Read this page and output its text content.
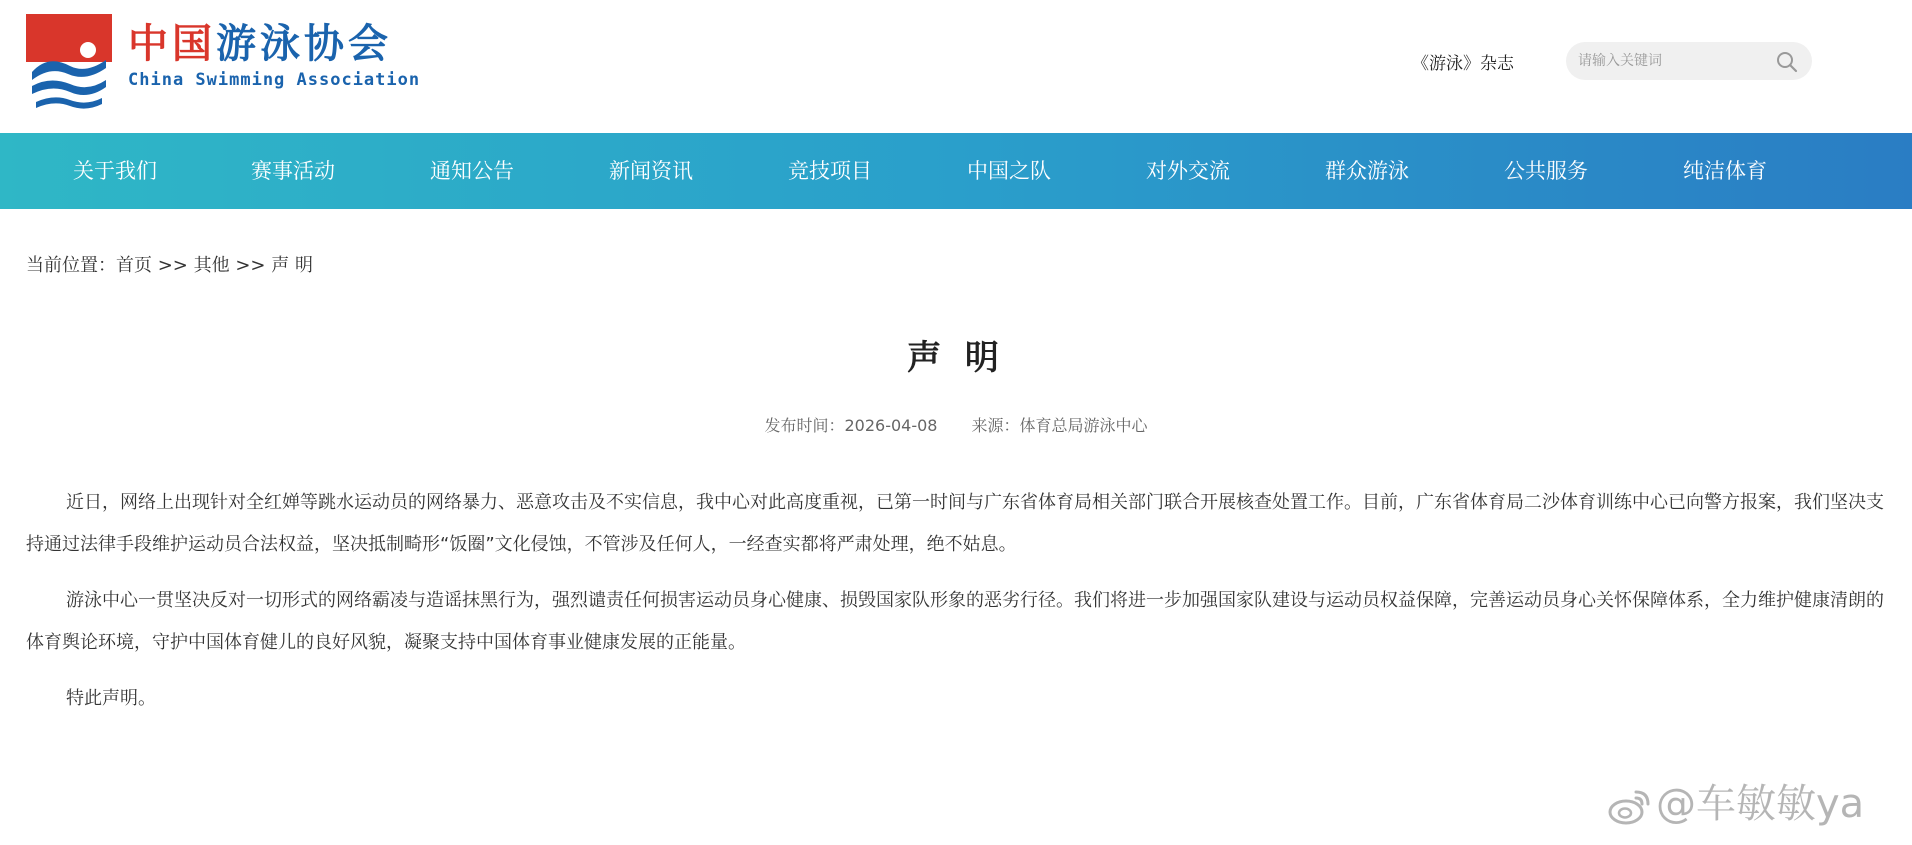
中国游泳协会
China Swimming Association
《游泳》杂志
请输入关键词
关于我们	赛事活动	通知公告	新闻资讯	竞技项目	中国之队	对外交流	群众游泳	公共服务	纯洁体育
当前位置：首页 >> 其他 >> 声 明
声 明
发布时间：2026-04-08 来源：体育总局游泳中心

近日，网络上出现针对全红婵等跳水运动员的网络暴力、恶意攻击及不实信息，我中心对此高度重视，已第一时间与广东省体育局相关部门联合开展核查处置工作。目前，广东省体育局二沙体育训练中心已向警方报案，我们坚决支持通过法律手段维护运动员合法权益，坚决抵制畸形“饭圈”文化侵蚀，不管涉及任何人，一经查实都将严肃处理，绝不姑息。

游泳中心一贯坚决反对一切形式的网络霸凌与造谣抹黑行为，强烈谴责任何损害运动员身心健康、损毁国家队形象的恶劣行径。我们将进一步加强国家队建设与运动员权益保障，完善运动员身心关怀保障体系，全力维护健康清朗的体育舆论环境，守护中国体育健儿的良好风貌，凝聚支持中国体育事业健康发展的正能量。

特此声明。

@车敏敏ya
